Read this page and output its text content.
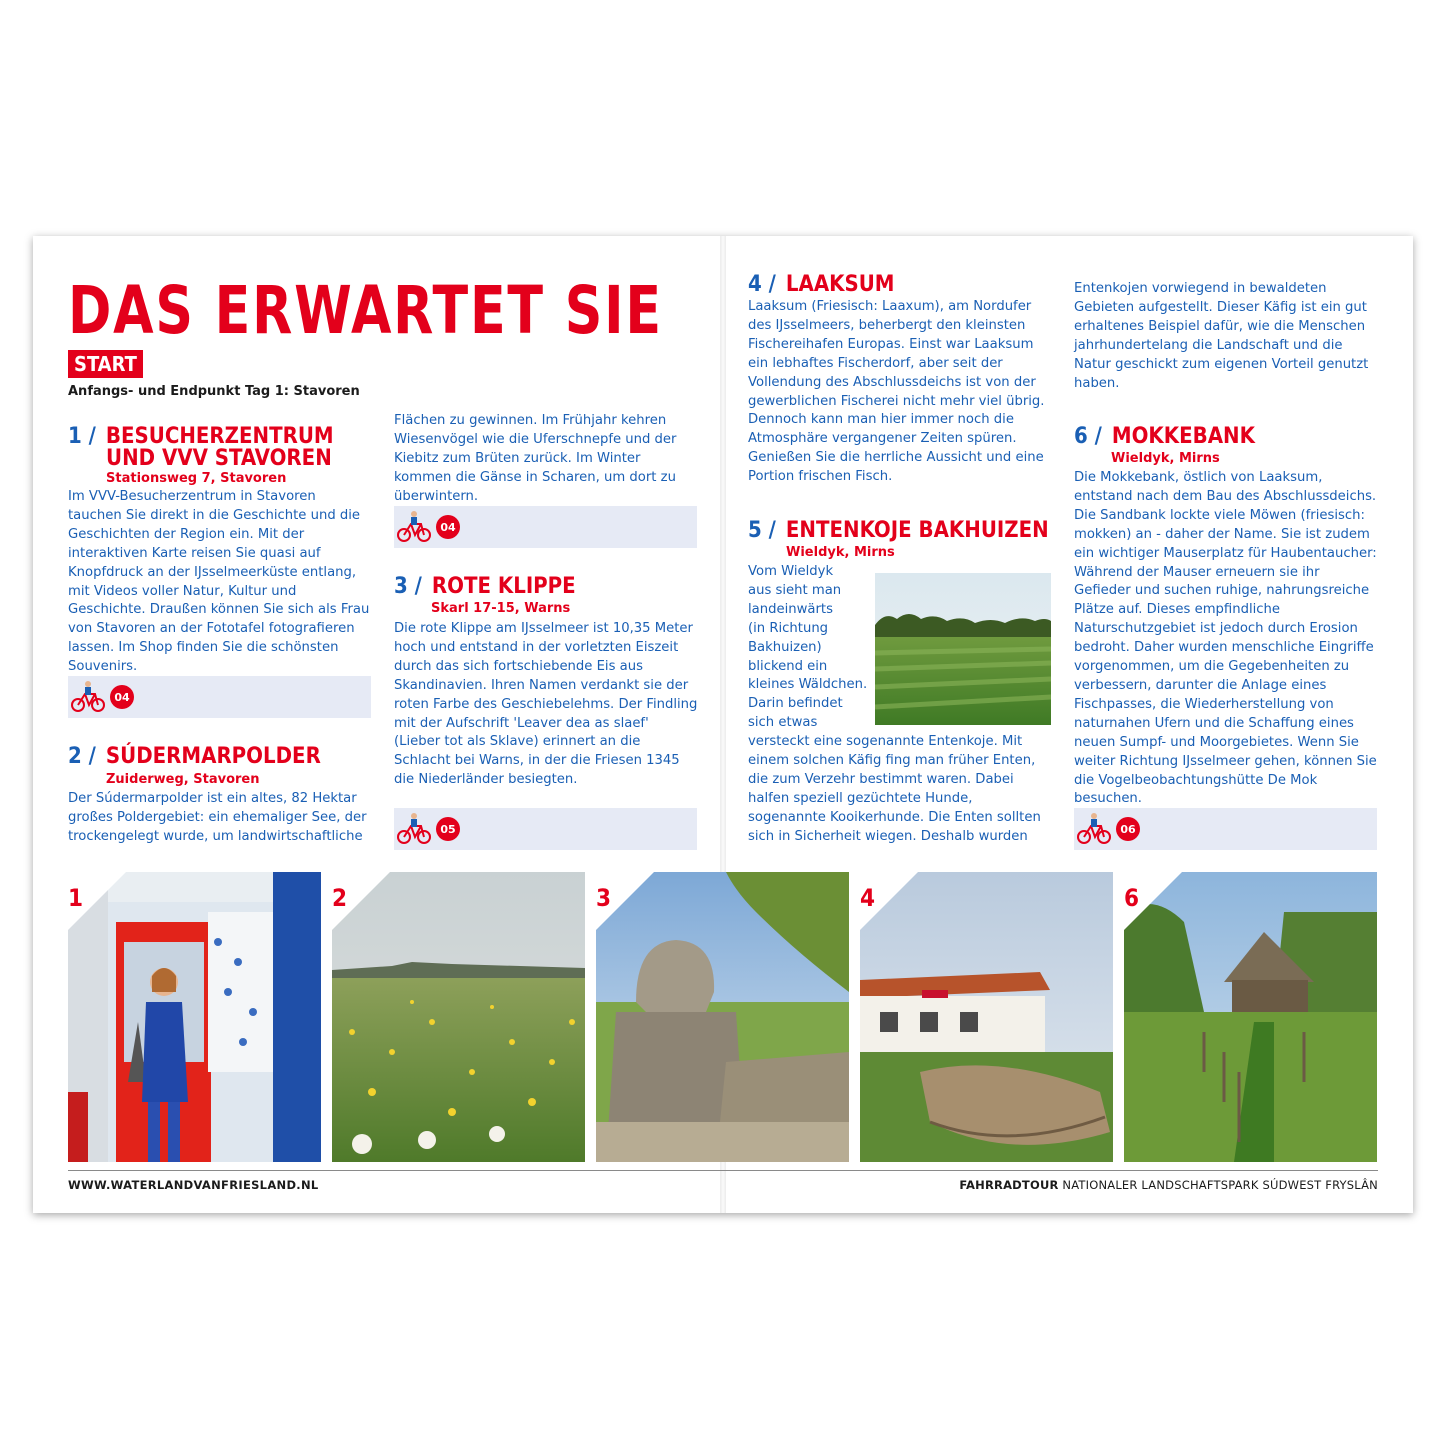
DAS ERWARTET SIE
START
Anfangs- und Endpunkt Tag 1: Stavoren
1 / BESUCHERZENTRUM
UND VVV STAVOREN
Stationsweg 7, Stavoren
Im VVV-Besucherzentrum in Stavoren tauchen Sie direkt in die Geschichte und die Geschichten der Region ein. Mit der interaktiven Karte reisen Sie quasi auf Knopfdruck an der IJsselmeerküste entlang, mit Videos voller Natur, Kultur und Geschichte. Draußen können Sie sich als Frau von Stavoren an der Fototafel fotografieren lassen. Im Shop finden Sie die schönsten Souvenirs.
04
2 / SÚDERMARPOLDER
Zuiderweg, Stavoren
Der Súdermarpolder ist ein altes, 82 Hektar großes Poldergebiet: ein ehemaliger See, der trockengelegt wurde, um landwirtschaftliche
Flächen zu gewinnen. Im Frühjahr kehren Wiesenvögel wie die Uferschnepfe und der Kiebitz zum Brüten zurück. Im Winter kommen die Gänse in Scharen, um dort zu überwintern.
04
3 / ROTE KLIPPE
Skarl 17-15, Warns
Die rote Klippe am IJsselmeer ist 10,35 Meter hoch und entstand in der vorletzten Eiszeit durch das sich fortschiebende Eis aus Skandinavien. Ihren Namen verdankt sie der roten Farbe des Geschiebelehms. Der Findling mit der Aufschrift 'Leaver dea as slaef' (Lieber tot als Sklave) erinnert an die Schlacht bei Warns, in der die Friesen 1345 die Niederländer besiegten.
05
4 / LAAKSUM
Laaksum (Friesisch: Laaxum), am Nordufer des IJsselmeers, beherbergt den kleinsten Fischereihafen Europas. Einst war Laaksum ein lebhaftes Fischerdorf, aber seit der Vollendung des Abschlussdeichs ist von der gewerblichen Fischerei nicht mehr viel übrig. Dennoch kann man hier immer noch die Atmosphäre vergangener Zeiten spüren. Genießen Sie die herrliche Aussicht und eine Portion frischen Fisch.
5 / ENTENKOJE BAKHUIZEN
Wieldyk, Mirns
Vom Wieldyk
aus sieht man
landeinwärts
(in Richtung
Bakhuizen)
blickend ein
kleines Wäldchen.
Darin befindet
sich etwas
versteckt eine sogenannte Entenkoje. Mit einem solchen Käfig fing man früher Enten, die zum Verzehr bestimmt waren. Dabei halfen speziell gezüchtete Hunde, sogenannte Kooikerhunde. Die Enten sollten sich in Sicherheit wiegen. Deshalb wurden
Entenkojen vorwiegend in bewaldeten Gebieten aufgestellt. Dieser Käfig ist ein gut erhaltenes Beispiel dafür, wie die Menschen jahrhundertelang die Landschaft und die Natur geschickt zum eigenen Vorteil genutzt haben.
6 / MOKKEBANK
Wieldyk, Mirns
Die Mokkebank, östlich von Laaksum, entstand nach dem Bau des Abschlussdeichs. Die Sandbank lockte viele Möwen (friesisch: mokken) an - daher der Name. Sie ist zudem ein wichtiger Mauserplatz für Haubentaucher: Während der Mauser erneuern sie ihr Gefieder und suchen ruhige, nahrungsreiche Plätze auf. Dieses empfindliche Naturschutzgebiet ist jedoch durch Erosion bedroht. Daher wurden menschliche Eingriffe vorgenommen, um die Gegebenheiten zu verbessern, darunter die Anlage eines Fischpasses, die Wiederherstellung von naturnahen Ufern und die Schaffung eines neuen Sumpf- und Moorgebietes. Wenn Sie weiter Richtung IJsselmeer gehen, können Sie die Vogelbeobachtungshütte De Mok besuchen.
06
1	2	3	4	6
WWW.WATERLANDVANFRIESLAND.NL	FAHRRADTOUR NATIONALER LANDSCHAFTSPARK SÚDWEST FRYSLÂN
